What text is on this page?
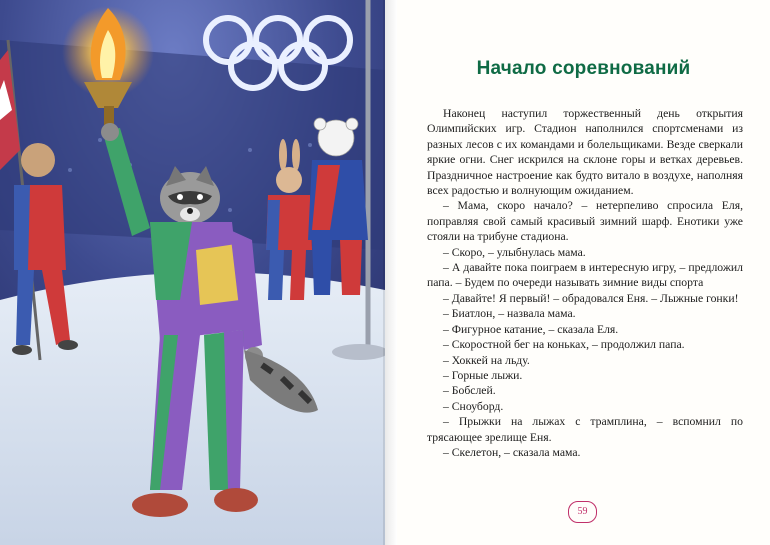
Начало соревнований

Наконец наступил торжественный день открытия Олимпийских игр. Стадион наполнился спортсменами из разных лесов с их командами и болельщиками. Везде сверкали яркие огни. Снег искрился на склоне горы и ветках деревьев. Праздничное настроение как будто витало в воздухе, наполняя всех радостью и волнующим ожиданием.

– Мама, скоро начало? – нетерпеливо спросила Еля, поправляя свой самый красивый зимний шарф. Енотики уже стояли на трибуне стадиона.

– Скоро, – улыбнулась мама.

– А давайте пока поиграем в интересную игру, – предложил папа. – Будем по очереди называть зимние виды спорта

– Давайте! Я первый! – обрадовался Еня. – Лыжные гонки!

– Биатлон, – назвала мама.

– Фигурное катание, – сказала Еля.

– Скоростной бег на коньках, – продолжил папа.

– Хоккей на льду.

– Горные лыжи.

– Бобслей.

– Сноуборд.

– Прыжки на лыжах с трамплина, – вспомнил по трясающее зрелище Еня.

– Скелетон, – сказала мама.

59
